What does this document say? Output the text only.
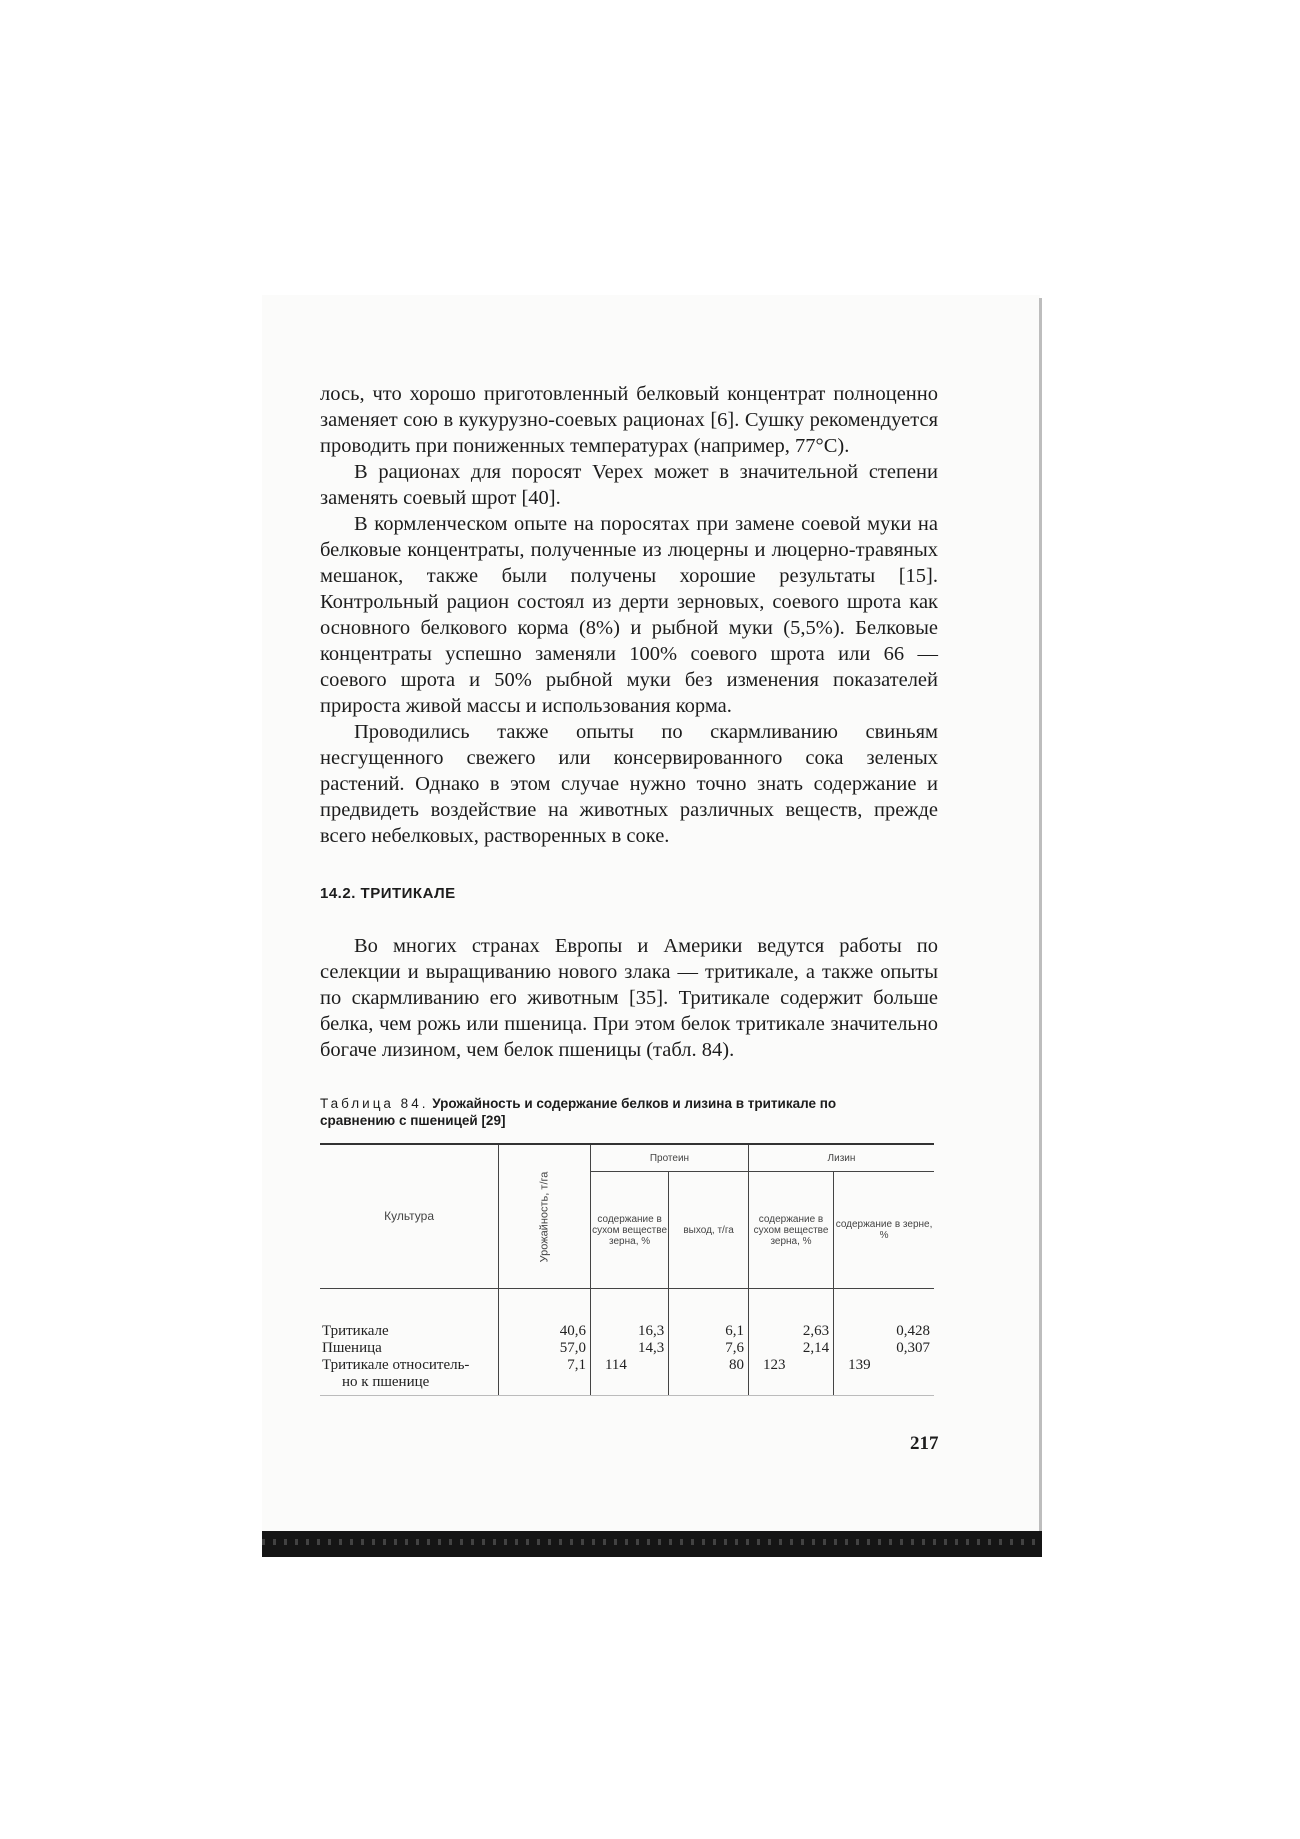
лось, что хорошо приготовленный белковый концентрат полноценно заменяет сою в кукурузно-соевых рационах [6]. Сушку рекомендуется проводить при пониженных температурах (например, 77°С).

В рационах для поросят Vepex может в значительной степени заменять соевый шрот [40].

В кормленческом опыте на поросятах при замене соевой муки на белковые концентраты, полученные из люцерны и люцерно-травяных мешанок, также были получены хорошие результаты [15]. Контрольный рацион состоял из дерти зерновых, соевого шрота как основного белкового корма (8%) и рыбной муки (5,5%). Белковые концентраты успешно заменяли 100% соевого шрота или 66 — соевого шрота и 50% рыбной муки без изменения показателей прироста живой массы и использования корма.

Проводились также опыты по скармливанию свиньям несгущенного свежего или консервированного сока зеленых растений. Однако в этом случае нужно точно знать содержание и предвидеть воздействие на животных различных веществ, прежде всего небелковых, растворенных в соке.

14.2. ТРИТИКАЛЕ

Во многих странах Европы и Америки ведутся работы по селекции и выращиванию нового злака — тритикале, а также опыты по скармливанию его животным [35]. Тритикале содержит больше белка, чем рожь или пшеница. При этом белок тритикале значительно богаче лизином, чем белок пшеницы (табл. 84).

Таблица 84. Урожайность и содержание белков и лизина в тритикале по сравнению с пшеницей [29]
Культура	Урожайность, т/га	Протеин		Лизин	
		содержание в сухом веществе зерна, %	выход, т/га	содержание в сухом веществе зерна, %	содержание в зерне, %
Тритикале	40,6	16,3	6,1	2,63	0,428
Пшеница	57,0	14,3	7,6	2,14	0,307
Тритикале относитель-
но к пшенице	7,1	114	80	123	139
217
